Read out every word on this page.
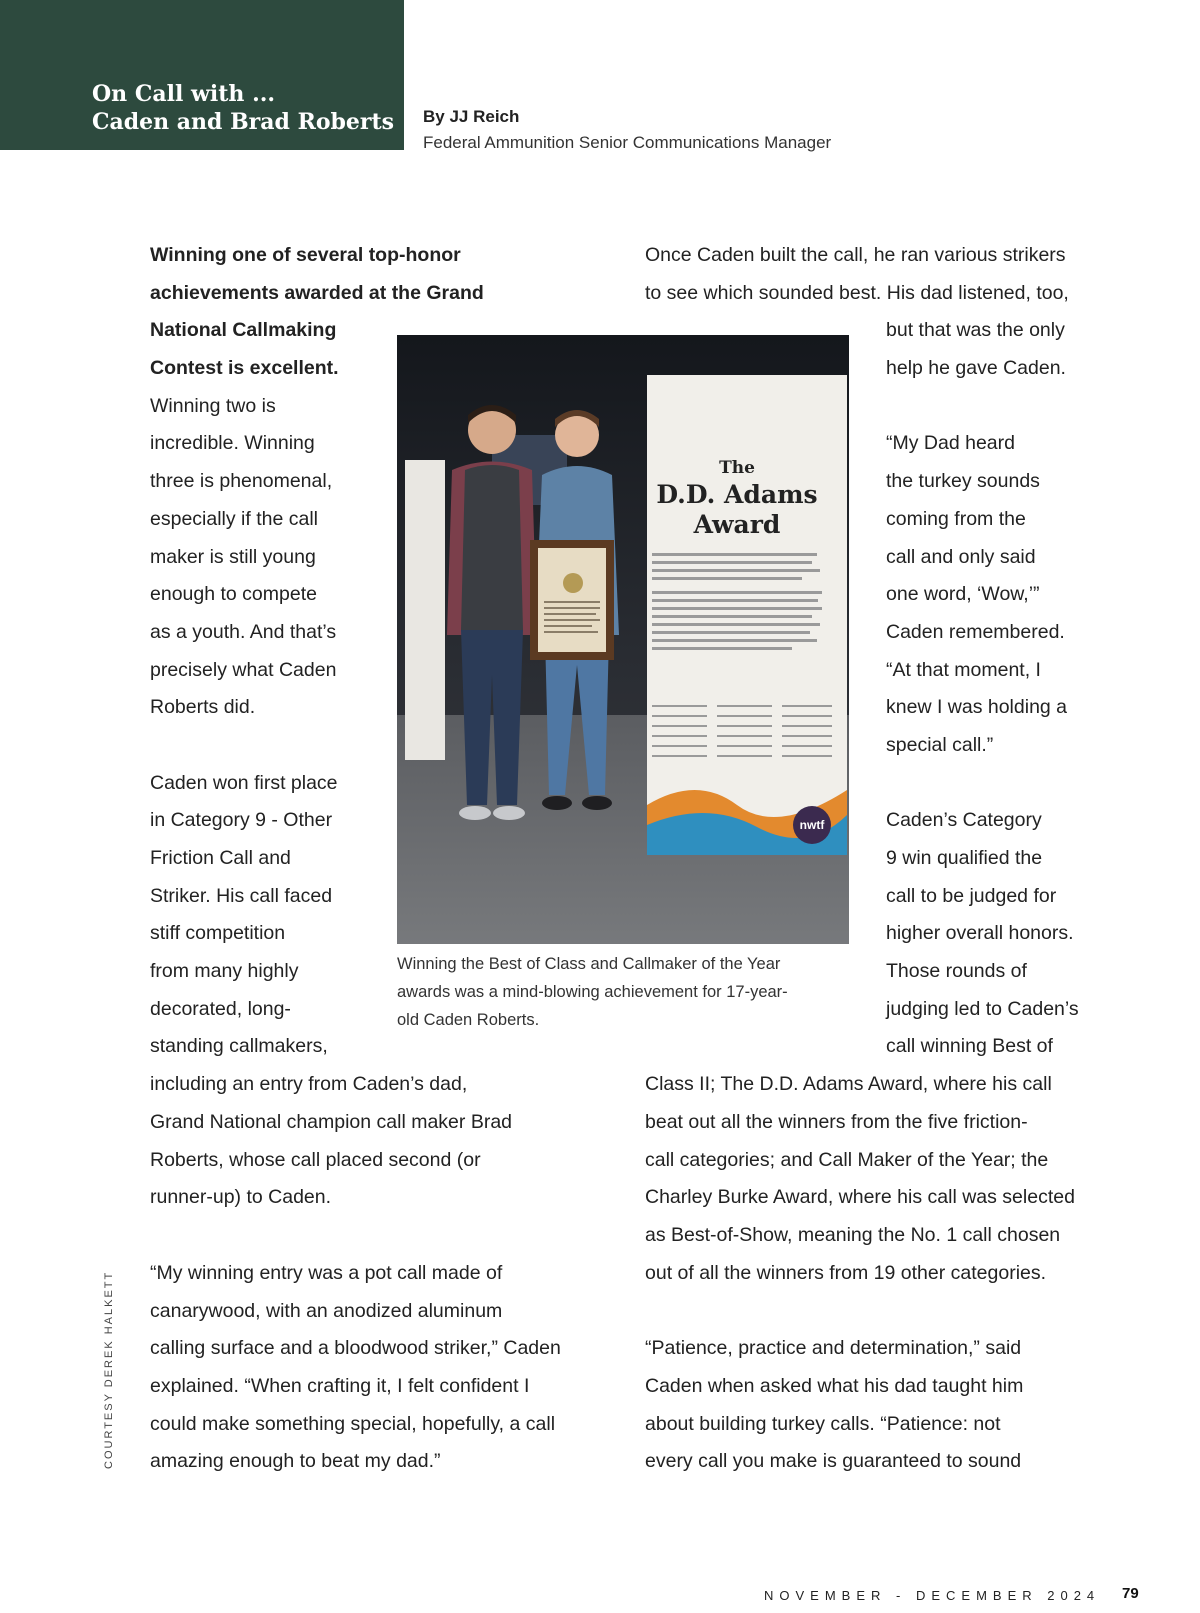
On Call with ...
Caden and Brad Roberts By JJ Reich
Federal Ammunition Senior Communications Manager
Winning one of several top-honor
achievements awarded at the Grand
National Callmaking
Contest is excellent.
Winning two is
incredible. Winning
three is phenomenal,
especially if the call
maker is still young
enough to compete
as a youth. And that’s
precisely what Caden
Roberts did.
Caden won first place
in Category 9 - Other
Friction Call and
Striker. His call faced
stiff competition
from many highly
decorated, long-
standing callmakers,
including an entry from Caden’s dad,
Grand National champion call maker Brad
Roberts, whose call placed second (or
runner-up) to Caden.
“My winning entry was a pot call made of
canarywood, with an anodized aluminum
calling surface and a bloodwood striker,” Caden
explained. “When crafting it, I felt confident I
could make something special, hopefully, a call
amazing enough to beat my dad.”
Once Caden built the call, he ran various strikers
to see which sounded best. His dad listened, too,
but that was the only
help he gave Caden.
“My Dad heard
the turkey sounds
coming from the
call and only said
one word, ‘Wow,’”
Caden remembered.
“At that moment, I
knew I was holding a
special call.”
Caden’s Category
9 win qualified the
call to be judged for
higher overall honors.
Those rounds of
judging led to Caden’s
call winning Best of
Class II; The D.D. Adams Award, where his call
beat out all the winners from the five friction-
call categories; and Call Maker of the Year; the
Charley Burke Award, where his call was selected
as Best-of-Show, meaning the No. 1 call chosen
out of all the winners from 19 other categories.
“Patience, practice and determination,” said
Caden when asked what his dad taught him
about building turkey calls. “Patience: not
every call you make is guaranteed to sound
nwtf
The
D.D. Adams
Award
Winning the Best of Class and Callmaker of the Year
awards was a mind-blowing achievement for 17-year-
old Caden Roberts.
COURTESY DEREK HALKETT
NOVEMBER - DECEMBER 2024 79
